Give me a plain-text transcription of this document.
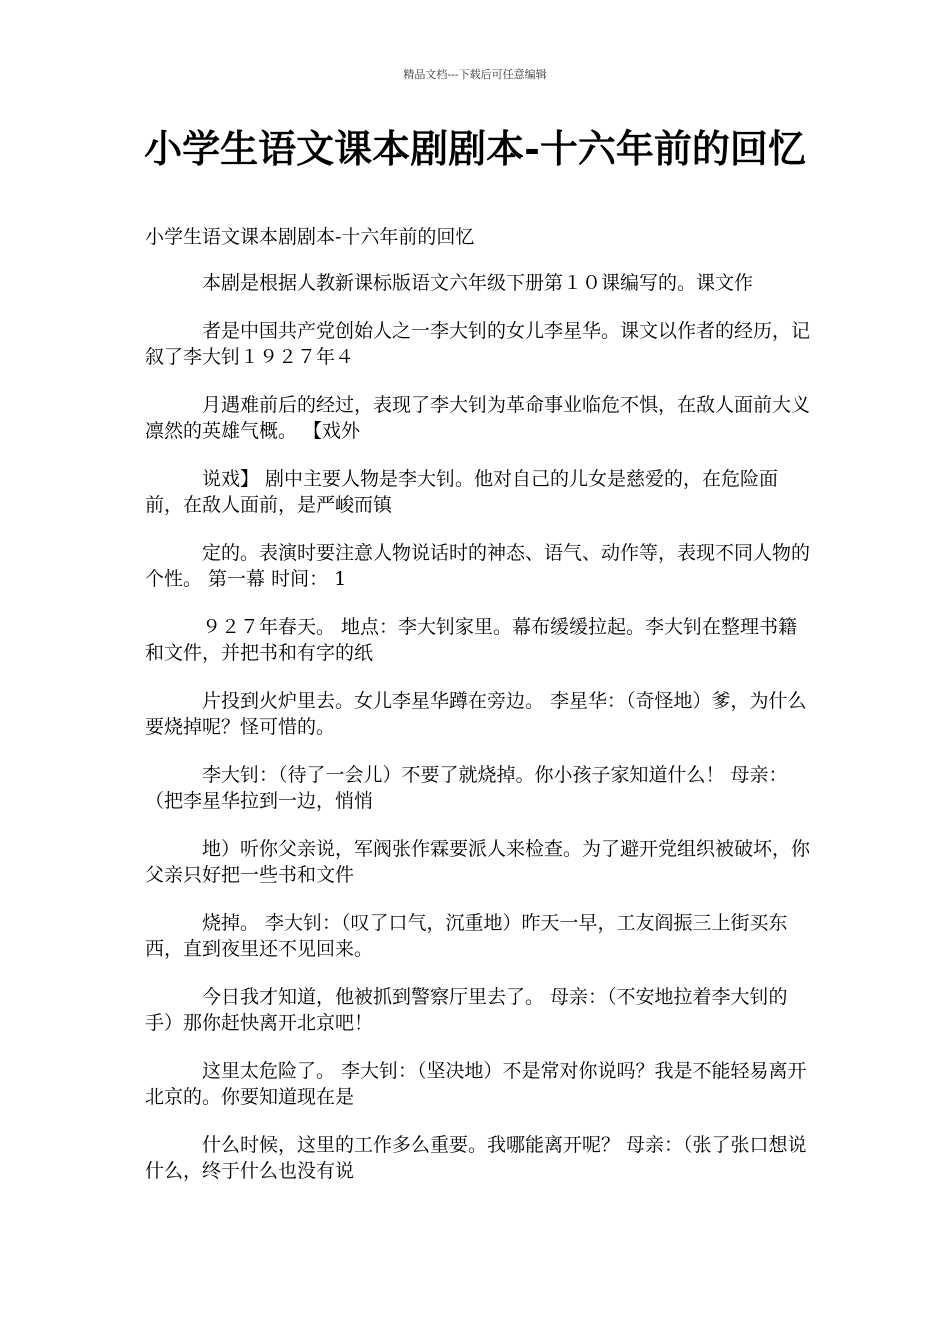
精品文档---下载后可任意编辑
小学生语文课本剧剧本-十六年前的回忆
小学生语文课本剧剧本-十六年前的回忆

本剧是根据人教新课标版语文六年级下册第１０课编写的。课文作

者是中国共产党创始人之一李大钊的女儿李星华。课文以作者的经历，记叙了李大钊１９２７年４

月遇难前后的经过，表现了李大钊为革命事业临危不惧，在敌人面前大义凛然的英雄气概。 【戏外

说戏】 剧中主要人物是李大钊。他对自己的儿女是慈爱的，在危险面前，在敌人面前，是严峻而镇

定的。表演时要注意人物说话时的神态、语气、动作等，表现不同人物的个性。 第一幕 时间： 1

９２７年春天。 地点：李大钊家里。幕布缓缓拉起。李大钊在整理书籍和文件，并把书和有字的纸

片投到火炉里去。女儿李星华蹲在旁边。 李星华：（奇怪地）爹，为什么要烧掉呢？怪可惜的。

李大钊：（待了一会儿）不要了就烧掉。你小孩子家知道什么！ 母亲：（把李星华拉到一边，悄悄

地）听你父亲说，军阀张作霖要派人来检查。为了避开党组织被破坏，你父亲只好把一些书和文件

烧掉。 李大钊：（叹了口气，沉重地）昨天一早，工友阎振三上街买东西，直到夜里还不见回来。

今日我才知道，他被抓到警察厅里去了。 母亲：（不安地拉着李大钊的手）那你赶快离开北京吧！

这里太危险了。 李大钊：（坚决地）不是常对你说吗？我是不能轻易离开北京的。你要知道现在是

什么时候，这里的工作多么重要。我哪能离开呢？ 母亲：（张了张口想说什么，终于什么也没有说
